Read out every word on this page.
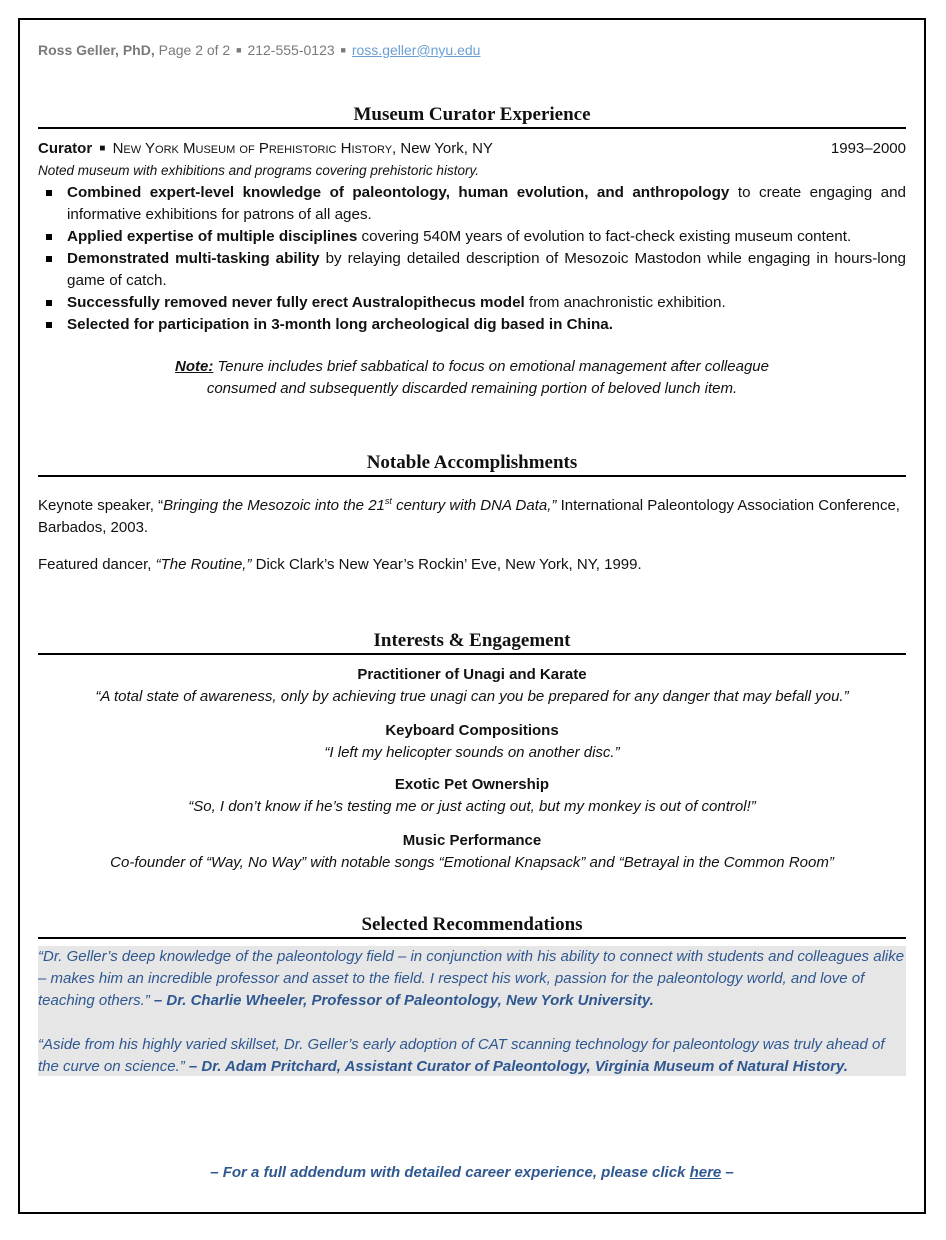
Ross Geller, PhD, Page 2 of 2 ■ 212-555-0123 ■ ross.geller@nyu.edu
Museum Curator Experience
Curator ■ New York Museum of Prehistoric History, New York, NY	1993–2000
Noted museum with exhibitions and programs covering prehistoric history.
Combined expert-level knowledge of paleontology, human evolution, and anthropology to create engaging and informative exhibitions for patrons of all ages.
Applied expertise of multiple disciplines covering 540M years of evolution to fact-check existing museum content.
Demonstrated multi-tasking ability by relaying detailed description of Mesozoic Mastodon while engaging in hours-long game of catch.
Successfully removed never fully erect Australopithecus model from anachronistic exhibition.
Selected for participation in 3-month long archeological dig based in China.
Note: Tenure includes brief sabbatical to focus on emotional management after colleague
consumed and subsequently discarded remaining portion of beloved lunch item.
Notable Accomplishments
Keynote speaker, “Bringing the Mesozoic into the 21st century with DNA Data,” International Paleontology Association Conference, Barbados, 2003.
Featured dancer, “The Routine,” Dick Clark’s New Year’s Rockin’ Eve, New York, NY, 1999.
Interests & Engagement
Practitioner of Unagi and Karate
“A total state of awareness, only by achieving true unagi can you be prepared for any danger that may befall you.”
Keyboard Compositions
“I left my helicopter sounds on another disc.”
Exotic Pet Ownership
“So, I don’t know if he’s testing me or just acting out, but my monkey is out of control!”
Music Performance
Co-founder of “Way, No Way” with notable songs “Emotional Knapsack” and “Betrayal in the Common Room”
Selected Recommendations

“Dr. Geller’s deep knowledge of the paleontology field – in conjunction with his ability to connect with students and colleagues alike – makes him an incredible professor and asset to the field. I respect his work, passion for the paleontology world, and love of teaching others.” – Dr. Charlie Wheeler, Professor of Paleontology, New York University.

“Aside from his highly varied skillset, Dr. Geller’s early adoption of CAT scanning technology for paleontology was truly ahead of the curve on science.” – Dr. Adam Pritchard, Assistant Curator of Paleontology, Virginia Museum of Natural History.

– For a full addendum with detailed career experience, please click here –
